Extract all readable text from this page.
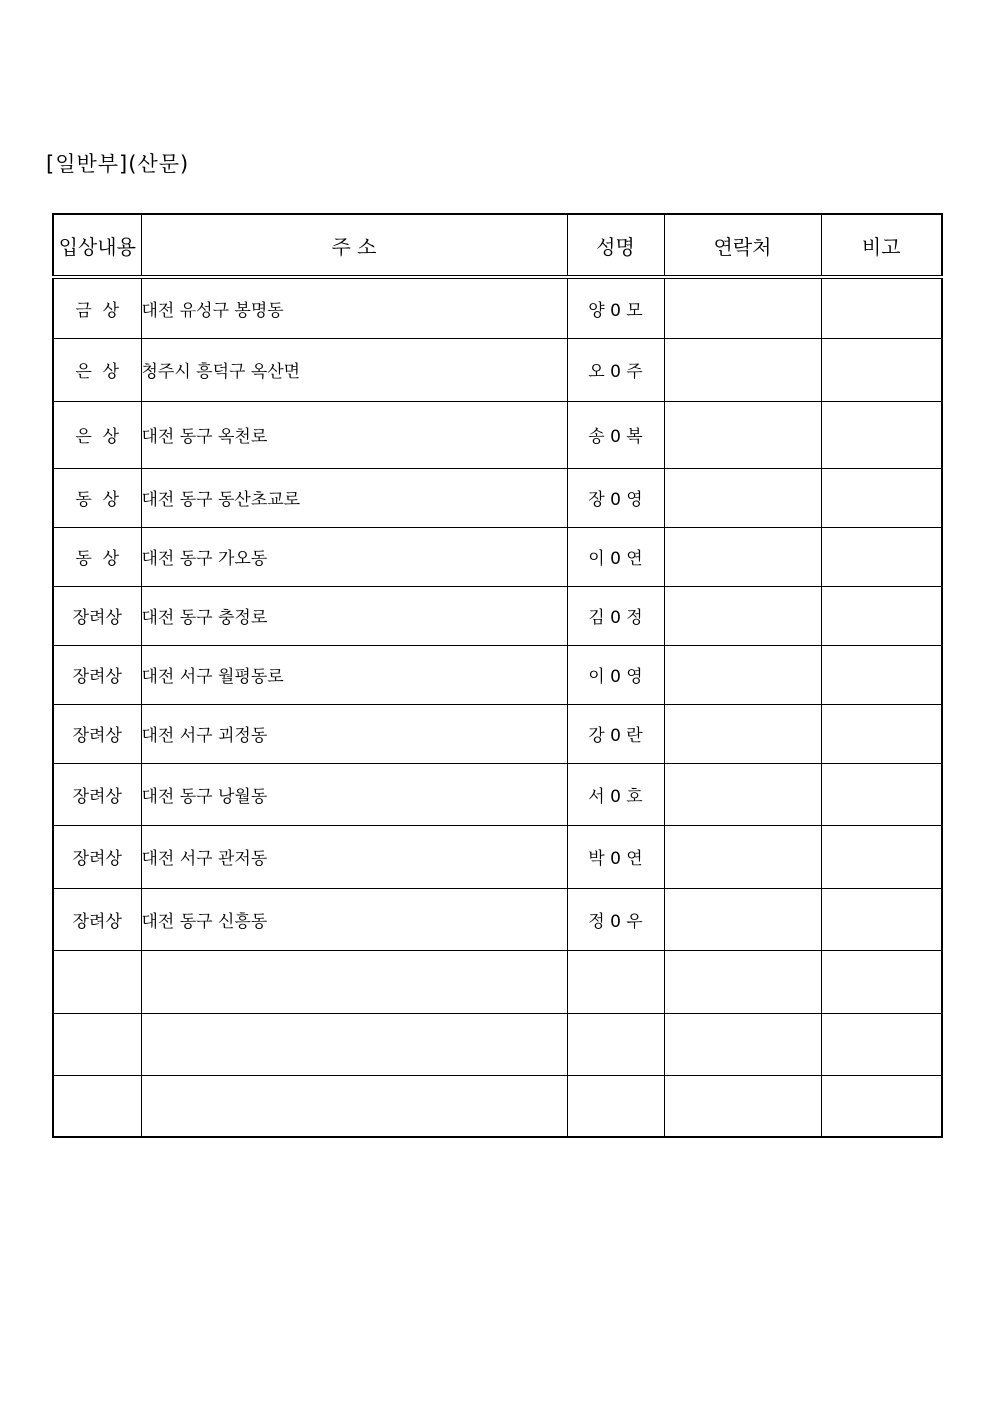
[일반부](산문)
입상내용	주 소	성명	연락처	비고
금  상	대전 유성구 봉명동	양 0 모		
은  상	청주시 흥덕구 옥산면	오 0 주		
은  상	대전 동구 옥천로	송 0 복		
동  상	대전 동구 동산초교로	장 0 영		
동  상	대전 동구 가오동	이 0 연		
장려상	대전 동구 충정로	김 0 정		
장려상	대전 서구 월평동로	이 0 영		
장려상	대전 서구 괴정동	강 0 란		
장려상	대전 동구 낭월동	서 0 호		
장려상	대전 서구 관저동	박 0 연		
장려상	대전 동구 신흥동	정 0 우		
